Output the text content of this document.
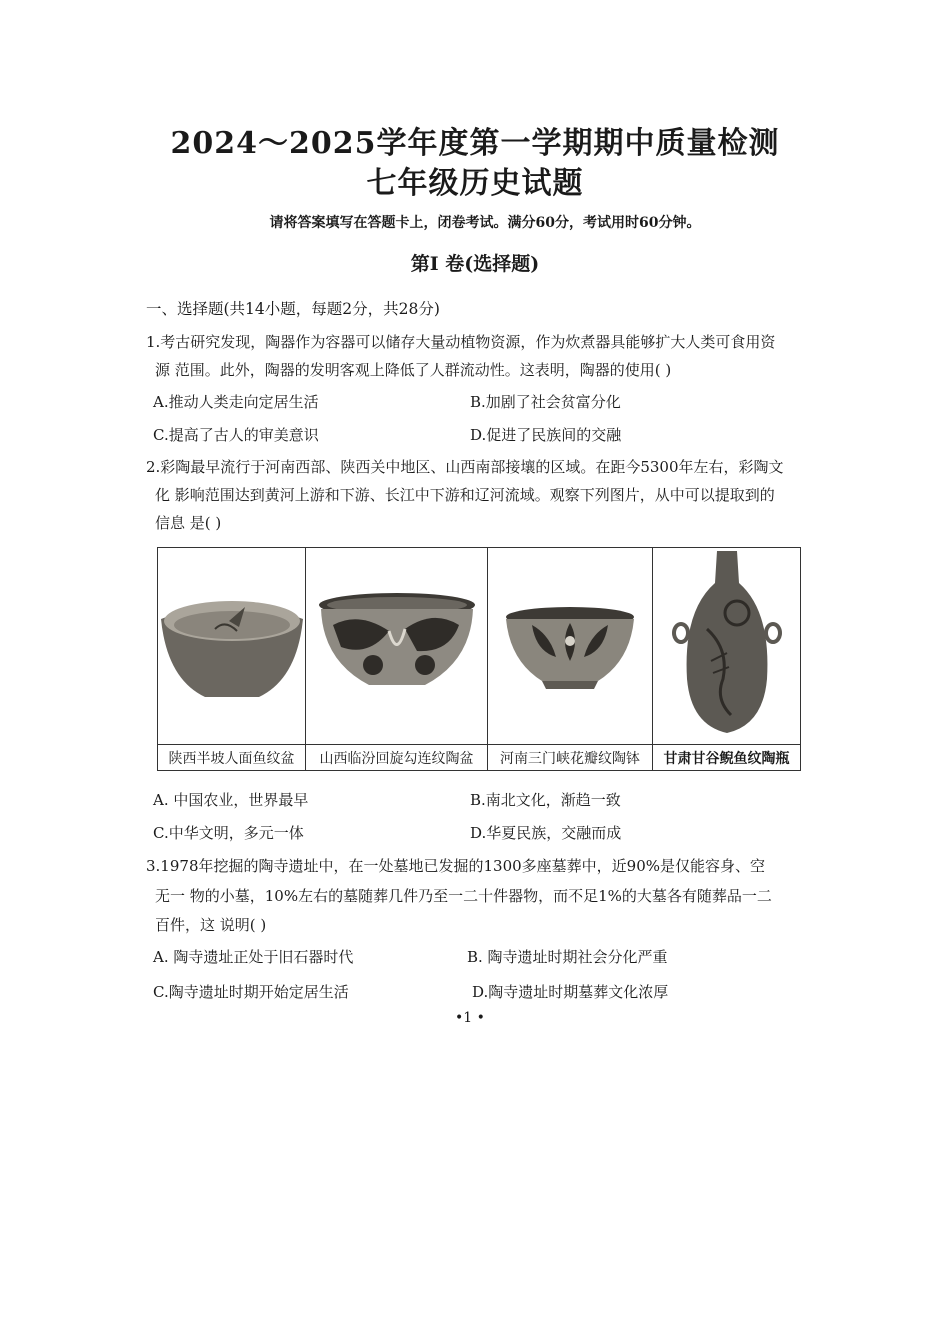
2024～2025学年度第一学期期中质量检测
七年级历史试题
请将答案填写在答题卡上，闭卷考试。满分60分，考试用时60分钟。
第I 卷(选择题)
一、选择题(共14小题，每题2分，共28分)
1.考古研究发现，陶器作为容器可以储存大量动植物资源，作为炊煮器具能够扩大人类可食用资
源 范围。此外，陶器的发明客观上降低了人群流动性。这表明，陶器的使用( )
A.推动人类走向定居生活	B.加剧了社会贫富分化
C.提高了古人的审美意识	D.促进了民族间的交融
2.彩陶最早流行于河南西部、陕西关中地区、山西南部接壤的区域。在距今5300年左右，彩陶文
化 影响范围达到黄河上游和下游、长江中下游和辽河流域。观察下列图片，从中可以提取到的
信息 是( )

陕西半坡人面鱼纹盆	山西临汾回旋勾连纹陶盆	河南三门峡花瓣纹陶钵	甘肃甘谷鲵鱼纹陶瓶
A. 中国农业，世界最早	B.南北文化，渐趋一致
C.中华文明，多元一体	D.华夏民族，交融而成
3.1978年挖掘的陶寺遗址中，在一处墓地已发掘的1300多座墓葬中，近90%是仅能容身、空
无一 物的小墓，10%左右的墓随葬几件乃至一二十件器物，而不足1%的大墓各有随葬品一二
百件，这 说明( )
A. 陶寺遗址正处于旧石器时代	B. 陶寺遗址时期社会分化严重
C.陶寺遗址时期开始定居生活	D.陶寺遗址时期墓葬文化浓厚
•1 •
